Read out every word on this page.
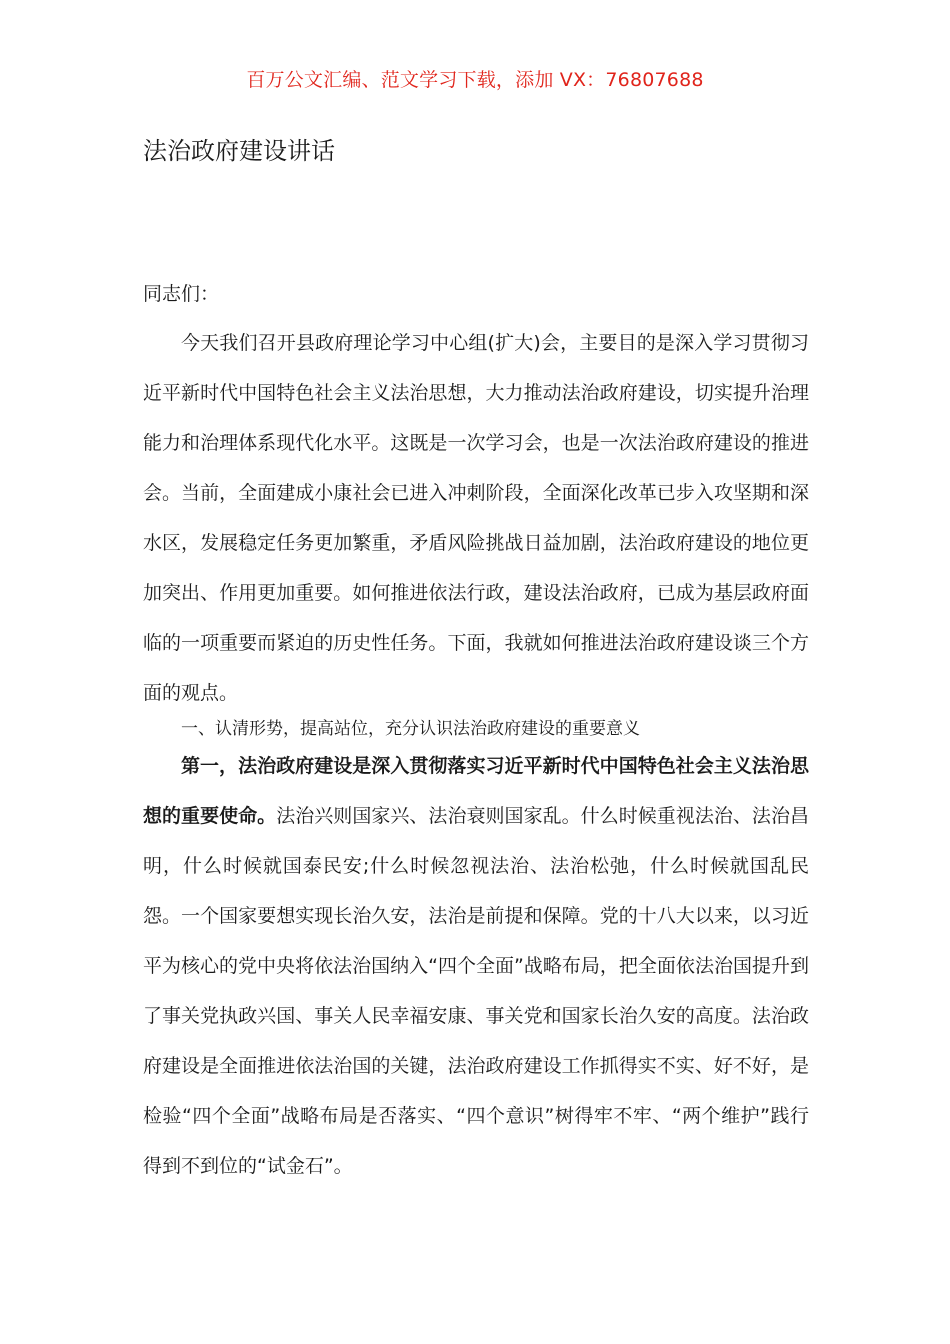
百万公文汇编、范文学习下载，添加 VX：76807688
法治政府建设讲话

同志们：

今天我们召开县政府理论学习中心组(扩大)会，主要目的是深入学习贯彻习近平新时代中国特色社会主义法治思想，大力推动法治政府建设，切实提升治理能力和治理体系现代化水平。这既是一次学习会，也是一次法治政府建设的推进会。当前，全面建成小康社会已进入冲刺阶段，全面深化改革已步入攻坚期和深水区，发展稳定任务更加繁重，矛盾风险挑战日益加剧，法治政府建设的地位更加突出、作用更加重要。如何推进依法行政，建设法治政府，已成为基层政府面临的一项重要而紧迫的历史性任务。下面，我就如何推进法治政府建设谈三个方面的观点。

一、认清形势，提高站位，充分认识法治政府建设的重要意义

第一，法治政府建设是深入贯彻落实习近平新时代中国特色社会主义法治思想的重要使命。法治兴则国家兴、法治衰则国家乱。什么时候重视法治、法治昌明，什么时候就国泰民安;什么时候忽视法治、法治松弛，什么时候就国乱民怨。一个国家要想实现长治久安，法治是前提和保障。党的十八大以来，以习近平为核心的党中央将依法治国纳入“四个全面”战略布局，把全面依法治国提升到了事关党执政兴国、事关人民幸福安康、事关党和国家长治久安的高度。法治政府建设是全面推进依法治国的关键，法治政府建设工作抓得实不实、好不好，是检验“四个全面”战略布局是否落实、“四个意识”树得牢不牢、“两个维护”践行得到不到位的“试金石”。
